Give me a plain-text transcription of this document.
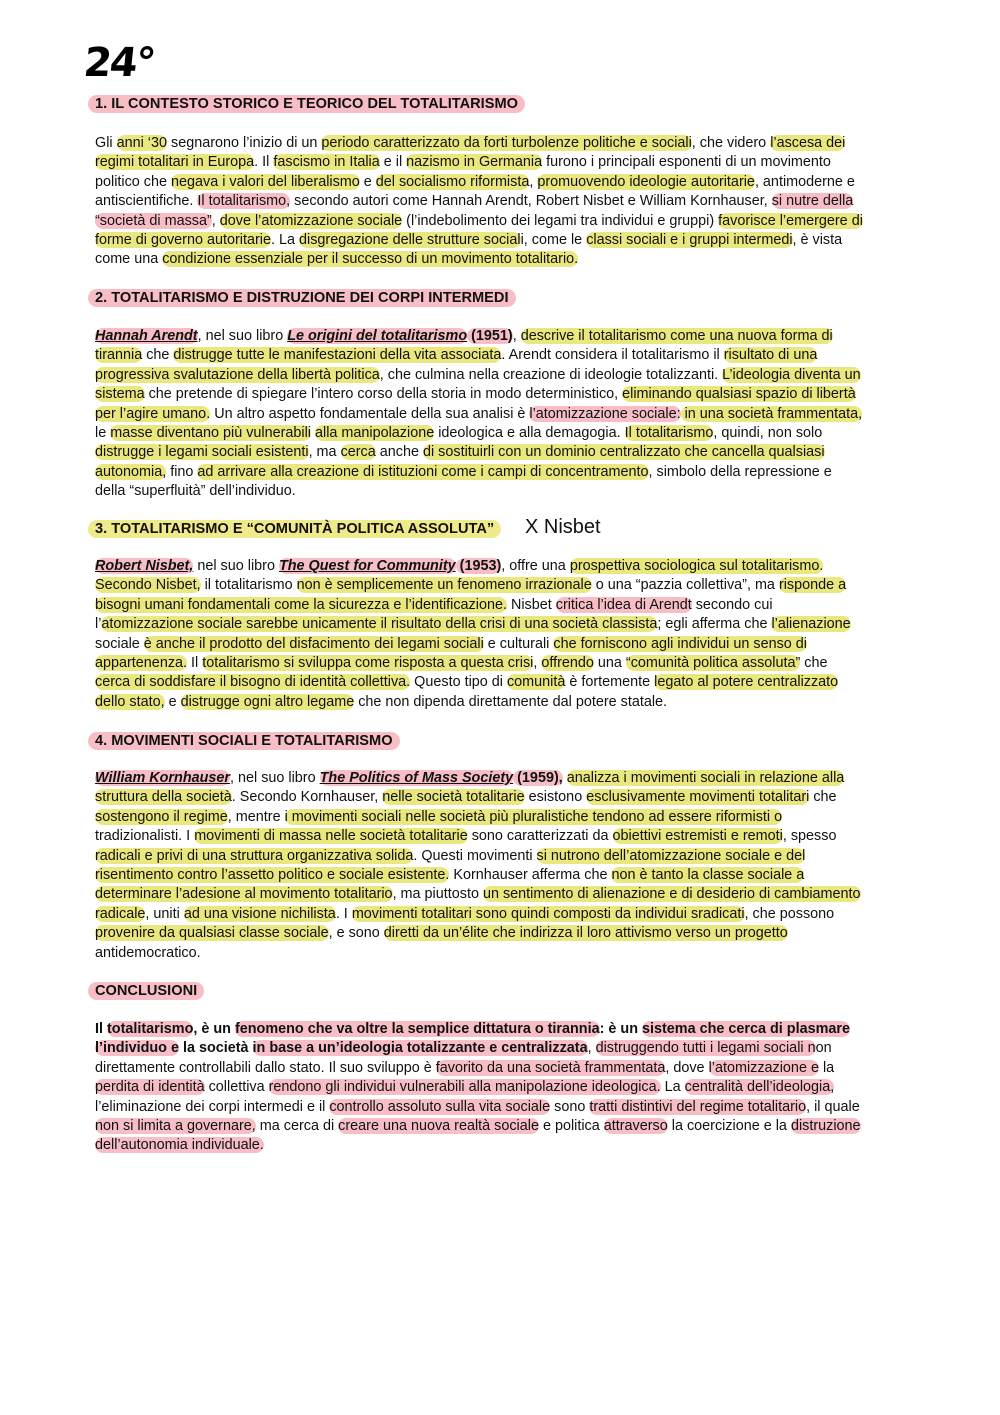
24°
1. IL CONTESTO STORICO E TEORICO DEL TOTALITARISMO
Gli anni ‘30 segnarono l’inizio di un periodo caratterizzato da forti turbolenze politiche e sociali, che videro l’ascesa dei
regimi totalitari in Europa. Il fascismo in Italia e il nazismo in Germania furono i principali esponenti di un movimento
politico che negava i valori del liberalismo e del socialismo riformista, promuovendo ideologie autoritarie, antimoderne e
antiscientifiche. Il totalitarismo, secondo autori come Hannah Arendt, Robert Nisbet e William Kornhauser, si nutre della
“società di massa”, dove l’atomizzazione sociale (l’indebolimento dei legami tra individui e gruppi) favorisce l’emergere di
forme di governo autoritarie. La disgregazione delle strutture sociali, come le classi sociali e i gruppi intermedi, è vista
come una condizione essenziale per il successo di un movimento totalitario.
2. TOTALITARISMO E DISTRUZIONE DEI CORPI INTERMEDI
Hannah Arendt, nel suo libro Le origini del totalitarismo (1951), descrive il totalitarismo come una nuova forma di
tirannia che distrugge tutte le manifestazioni della vita associata. Arendt considera il totalitarismo il risultato di una
progressiva svalutazione della libertà politica, che culmina nella creazione di ideologie totalizzanti. L’ideologia diventa un
sistema che pretende di spiegare l’intero corso della storia in modo deterministico, eliminando qualsiasi spazio di libertà
per l’agire umano. Un altro aspetto fondamentale della sua analisi è l’atomizzazione sociale: in una società frammentata,
le masse diventano più vulnerabili alla manipolazione ideologica e alla demagogia. Il totalitarismo, quindi, non solo
distrugge i legami sociali esistenti, ma cerca anche di sostituirli con un dominio centralizzato che cancella qualsiasi
autonomia, fino ad arrivare alla creazione di istituzioni come i campi di concentramento, simbolo della repressione e
della “superfluità” dell’individuo.
3. TOTALITARISMO E “COMUNITÀ POLITICA ASSOLUTA”	X Nisbet
Robert Nisbet, nel suo libro The Quest for Community (1953), offre una prospettiva sociologica sul totalitarismo.
Secondo Nisbet, il totalitarismo non è semplicemente un fenomeno irrazionale o una “pazzia collettiva”, ma risponde a
bisogni umani fondamentali come la sicurezza e l’identificazione. Nisbet critica l’idea di Arendt secondo cui
l’atomizzazione sociale sarebbe unicamente il risultato della crisi di una società classista; egli afferma che l’alienazione
sociale è anche il prodotto del disfacimento dei legami sociali e culturali che forniscono agli individui un senso di
appartenenza. Il totalitarismo si sviluppa come risposta a questa crisi, offrendo una “comunità politica assoluta” che
cerca di soddisfare il bisogno di identità collettiva. Questo tipo di comunità è fortemente legato al potere centralizzato
dello stato, e distrugge ogni altro legame che non dipenda direttamente dal potere statale.
4. MOVIMENTI SOCIALI E TOTALITARISMO
William Kornhauser, nel suo libro The Politics of Mass Society (1959), analizza i movimenti sociali in relazione alla
struttura della società. Secondo Kornhauser, nelle società totalitarie esistono esclusivamente movimenti totalitari che
sostengono il regime, mentre i movimenti sociali nelle società più pluralistiche tendono ad essere riformisti o
tradizionalisti. I movimenti di massa nelle società totalitarie sono caratterizzati da obiettivi estremisti e remoti, spesso
radicali e privi di una struttura organizzativa solida. Questi movimenti si nutrono dell’atomizzazione sociale e del
risentimento contro l’assetto politico e sociale esistente. Kornhauser afferma che non è tanto la classe sociale a
determinare l’adesione al movimento totalitario, ma piuttosto un sentimento di alienazione e di desiderio di cambiamento
radicale, uniti ad una visione nichilista. I movimenti totalitari sono quindi composti da individui sradicati, che possono
provenire da qualsiasi classe sociale, e sono diretti da un’élite che indirizza il loro attivismo verso un progetto
antidemocratico.
CONCLUSIONI
Il totalitarismo, è un fenomeno che va oltre la semplice dittatura o tirannia: è un sistema che cerca di plasmare
l’individuo e la società in base a un’ideologia totalizzante e centralizzata, distruggendo tutti i legami sociali non
direttamente controllabili dallo stato. Il suo sviluppo è favorito da una società frammentata, dove l’atomizzazione e la
perdita di identità collettiva rendono gli individui vulnerabili alla manipolazione ideologica. La centralità dell’ideologia,
l’eliminazione dei corpi intermedi e il controllo assoluto sulla vita sociale sono tratti distintivi del regime totalitario, il quale
non si limita a governare, ma cerca di creare una nuova realtà sociale e politica attraverso la coercizione e la distruzione
dell’autonomia individuale.
